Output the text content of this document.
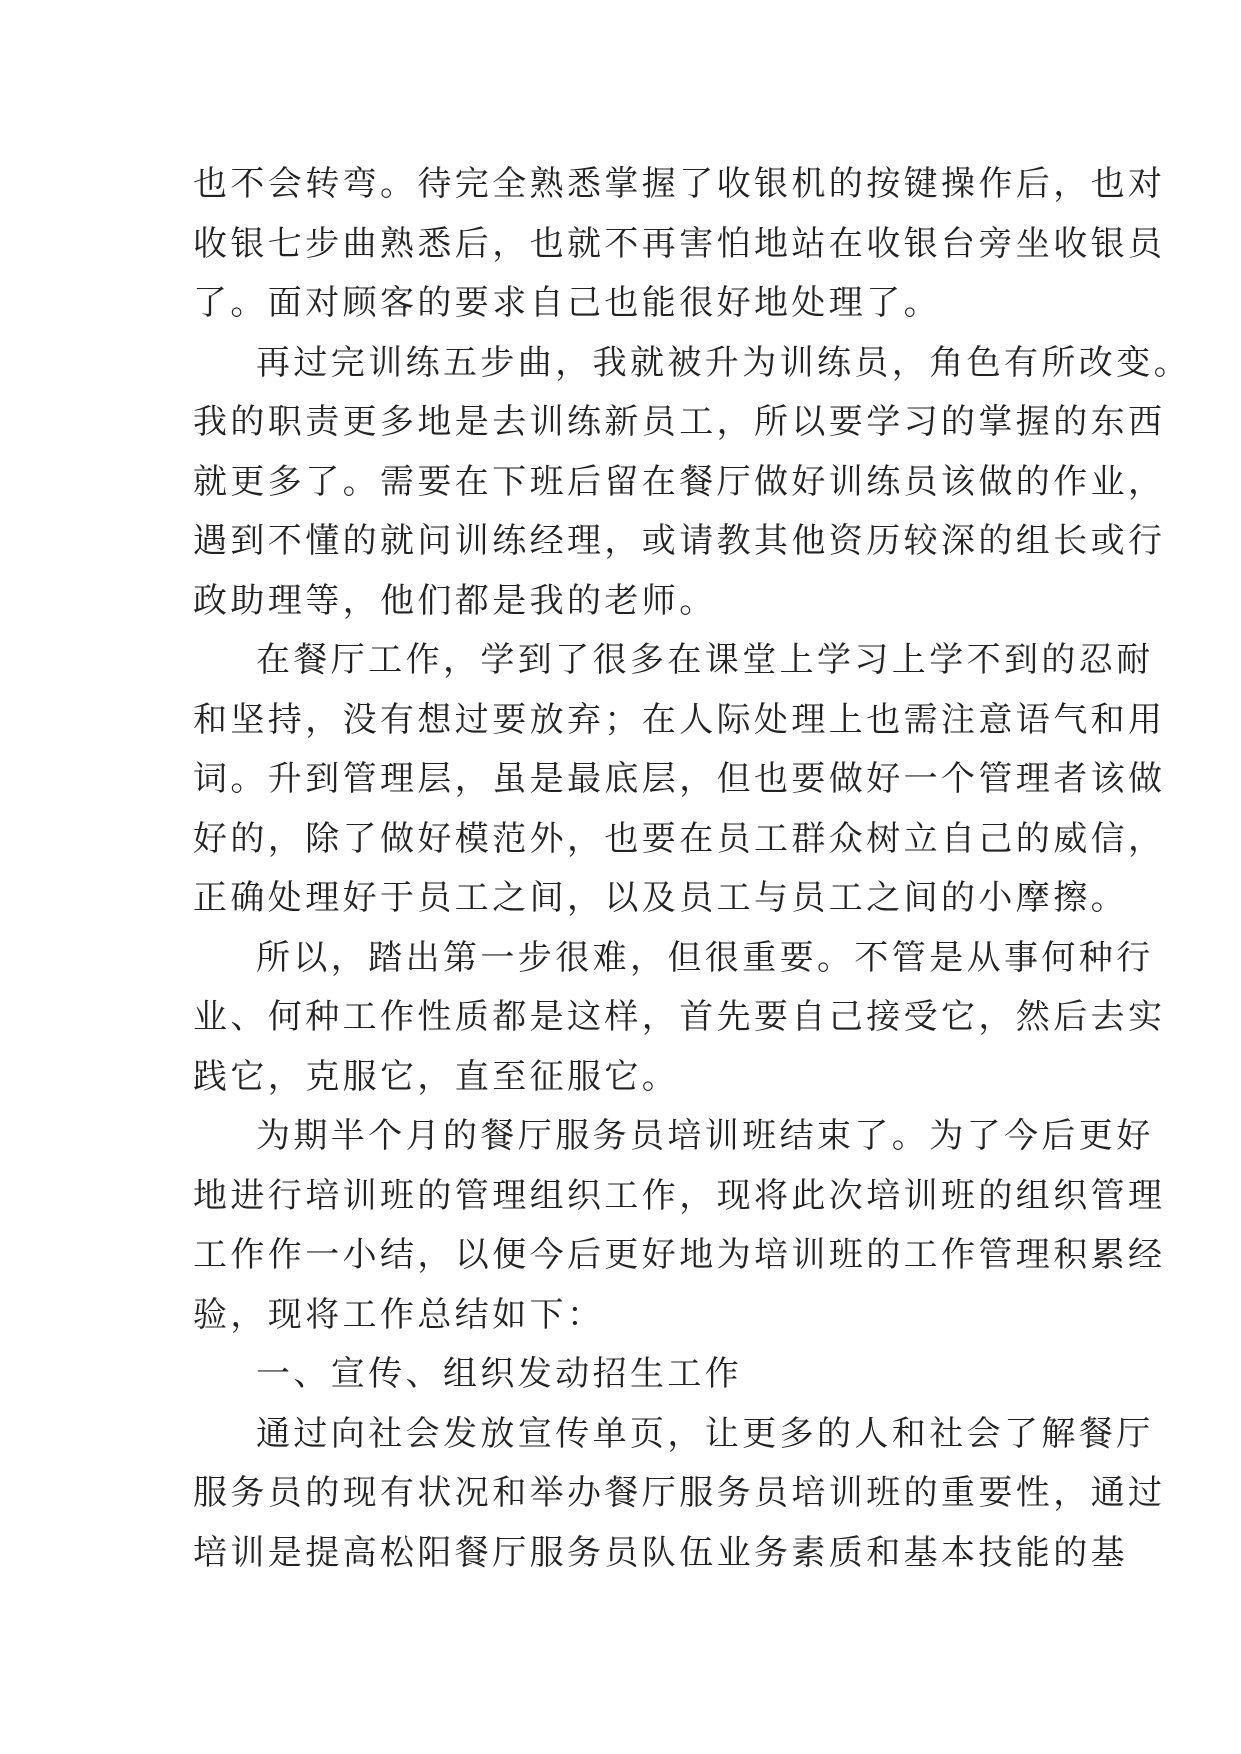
也不会转弯。待完全熟悉掌握了收银机的按键操作后，也对
收银七步曲熟悉后，也就不再害怕地站在收银台旁坐收银员
了。面对顾客的要求自己也能很好地处理了。
再过完训练五步曲，我就被升为训练员，角色有所改变。
我的职责更多地是去训练新员工，所以要学习的掌握的东西
就更多了。需要在下班后留在餐厅做好训练员该做的作业，
遇到不懂的就问训练经理，或请教其他资历较深的组长或行
政助理等，他们都是我的老师。
在餐厅工作，学到了很多在课堂上学习上学不到的忍耐
和坚持，没有想过要放弃；在人际处理上也需注意语气和用
词。升到管理层，虽是最底层，但也要做好一个管理者该做
好的，除了做好模范外，也要在员工群众树立自己的威信，
正确处理好于员工之间，以及员工与员工之间的小摩擦。
所以，踏出第一步很难，但很重要。不管是从事何种行
业、何种工作性质都是这样，首先要自己接受它，然后去实
践它，克服它，直至征服它。
为期半个月的餐厅服务员培训班结束了。为了今后更好
地进行培训班的管理组织工作，现将此次培训班的组织管理
工作作一小结，以便今后更好地为培训班的工作管理积累经
验，现将工作总结如下：
一、宣传、组织发动招生工作
通过向社会发放宣传单页，让更多的人和社会了解餐厅
服务员的现有状况和举办餐厅服务员培训班的重要性，通过
培训是提高松阳餐厅服务员队伍业务素质和基本技能的基
